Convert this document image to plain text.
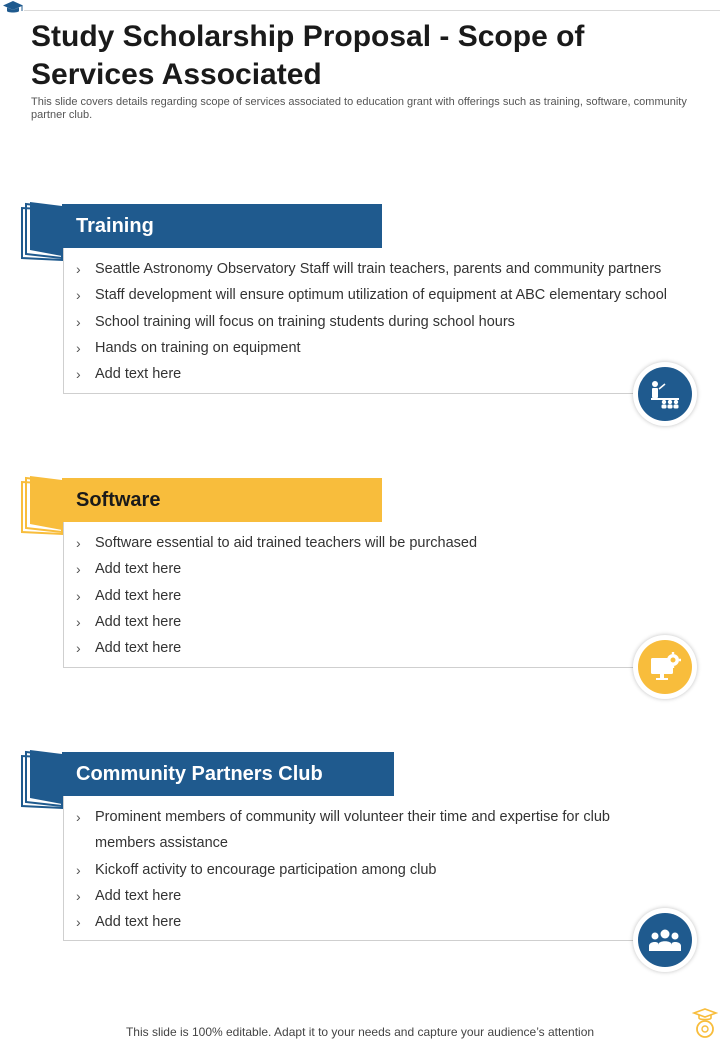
Study Scholarship Proposal - Scope of Services Associated
This slide covers details regarding scope of services associated to education grant with offerings such as training, software, community partner club.
Training
› Seattle Astronomy Observatory Staff will train teachers, parents and community partners
› Staff development will ensure optimum utilization of equipment at ABC elementary school
› School training will focus on training students during school hours
› Hands on training on equipment
› Add text here
Software
› Software essential to aid trained teachers will be purchased
› Add text here
› Add text here
› Add text here
› Add text here
Community Partners Club
› Prominent members of community will volunteer their time and expertise for club members assistance
› Kickoff activity to encourage participation among club
› Add text here
› Add text here
This slide is 100% editable. Adapt it to your needs and capture your audience’s attention
